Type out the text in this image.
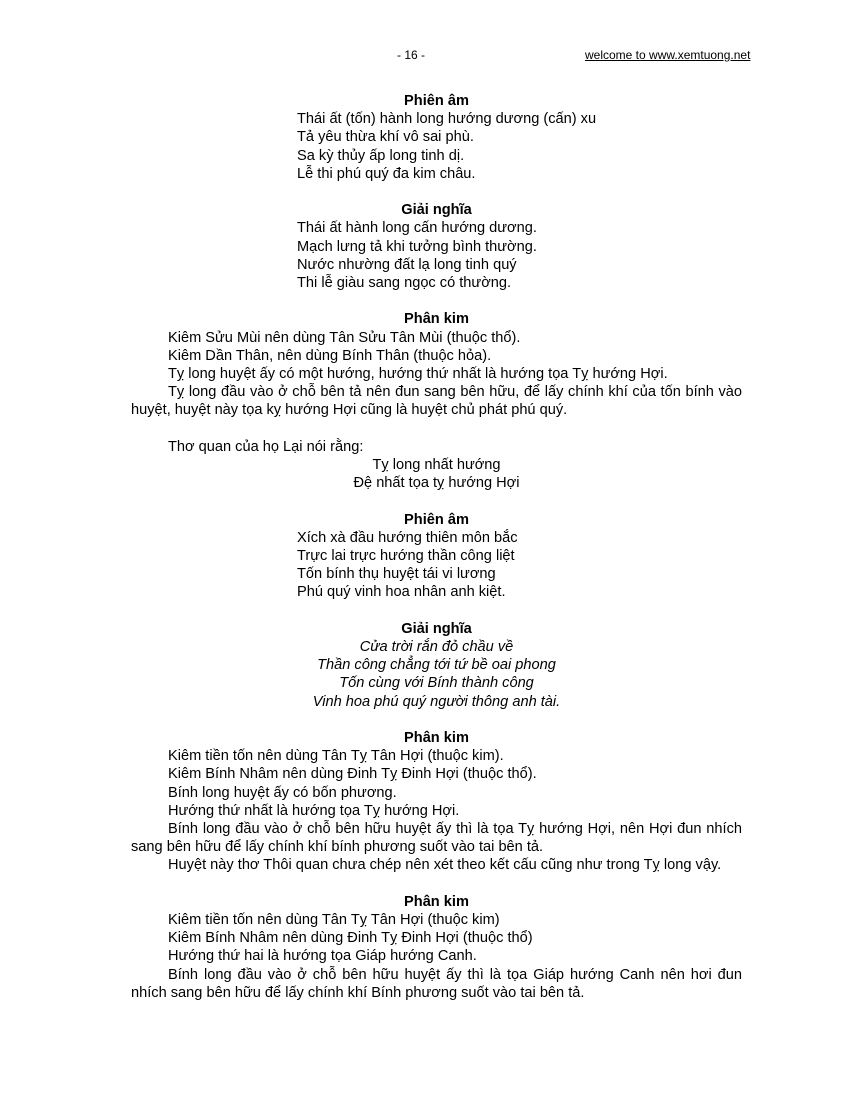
- 16 -	welcome to www.xemtuong.net
Phiên âm
Thái ất (tốn) hành long hướng dương (cấn) xu
Tả yêu thừa khí vô sai phù.
Sa kỳ thủy ấp long tinh dị.
Lễ thi phú quý đa kim châu.
Giải nghĩa
Thái ất hành long cấn hướng dương.
Mạch lưng tả khi tưởng bình thường.
Nước nhường đất lạ long tinh quý
Thi lễ giàu sang ngọc có thường.
Phân kim
Kiêm Sửu Mùi nên dùng Tân Sửu Tân Mùi (thuộc thổ).
Kiêm Dần Thân, nên dùng Bính Thân (thuộc hỏa).
Tỵ long huyệt ấy có một hướng, hướng thứ nhất là hướng tọa Tỵ hướng Hợi.
Tỵ long đầu vào ở chỗ bên tả nên đun sang bên hữu, để lấy chính khí của tốn bính vào huyệt, huyệt này tọa kỵ hướng Hợi cũng là huyệt chủ phát phú quý.
Thơ quan của họ Lại nói rằng:
Tỵ long nhất hướng
Đệ nhất tọa tỵ hướng Hợi
Phiên âm
Xích xà đầu hướng thiên môn bắc
Trực lai trực hướng thần công liệt
Tốn bính thụ huyệt tái vi lương
Phú quý vinh hoa nhân anh kiệt.
Giải nghĩa
Cửa trời rắn đỏ chầu về
Thần công chẳng tới tứ bề oai phong
Tốn cùng với Bính thành công
Vinh hoa phú quý người thông anh tài.
Phân kim
Kiêm tiền tốn nên dùng Tân Tỵ Tân Hợi (thuộc kim).
Kiêm Bính Nhâm nên dùng Đinh Tỵ Đinh Hợi (thuộc thổ).
Bính long huyệt ấy có bốn phương.
Hướng thứ nhất là hướng tọa Tỵ hướng Hợi.
Bính long đầu vào ở chỗ bên hữu huyệt ấy thì là tọa Tỵ hướng Hợi, nên Hợi đun nhích sang bên hữu để lấy chính khí bính phương suốt vào tai bên tả.
Huyệt này thơ Thôi quan chưa chép nên xét theo kết cấu cũng như trong Tỵ long vậy.
Phân kim
Kiêm tiền tốn nên dùng Tân Tỵ Tân Hợi (thuộc kim)
Kiêm Bính Nhâm nên dùng Đinh Tỵ Đinh Hợi (thuộc thổ)
Hướng thứ hai là hướng tọa Giáp hướng Canh.
Bính long đầu vào ở chỗ bên hữu huyệt ấy thì là tọa Giáp hướng Canh nên hơi đun nhích sang bên hữu để lấy chính khí Bính phương suốt vào tai bên tả.
